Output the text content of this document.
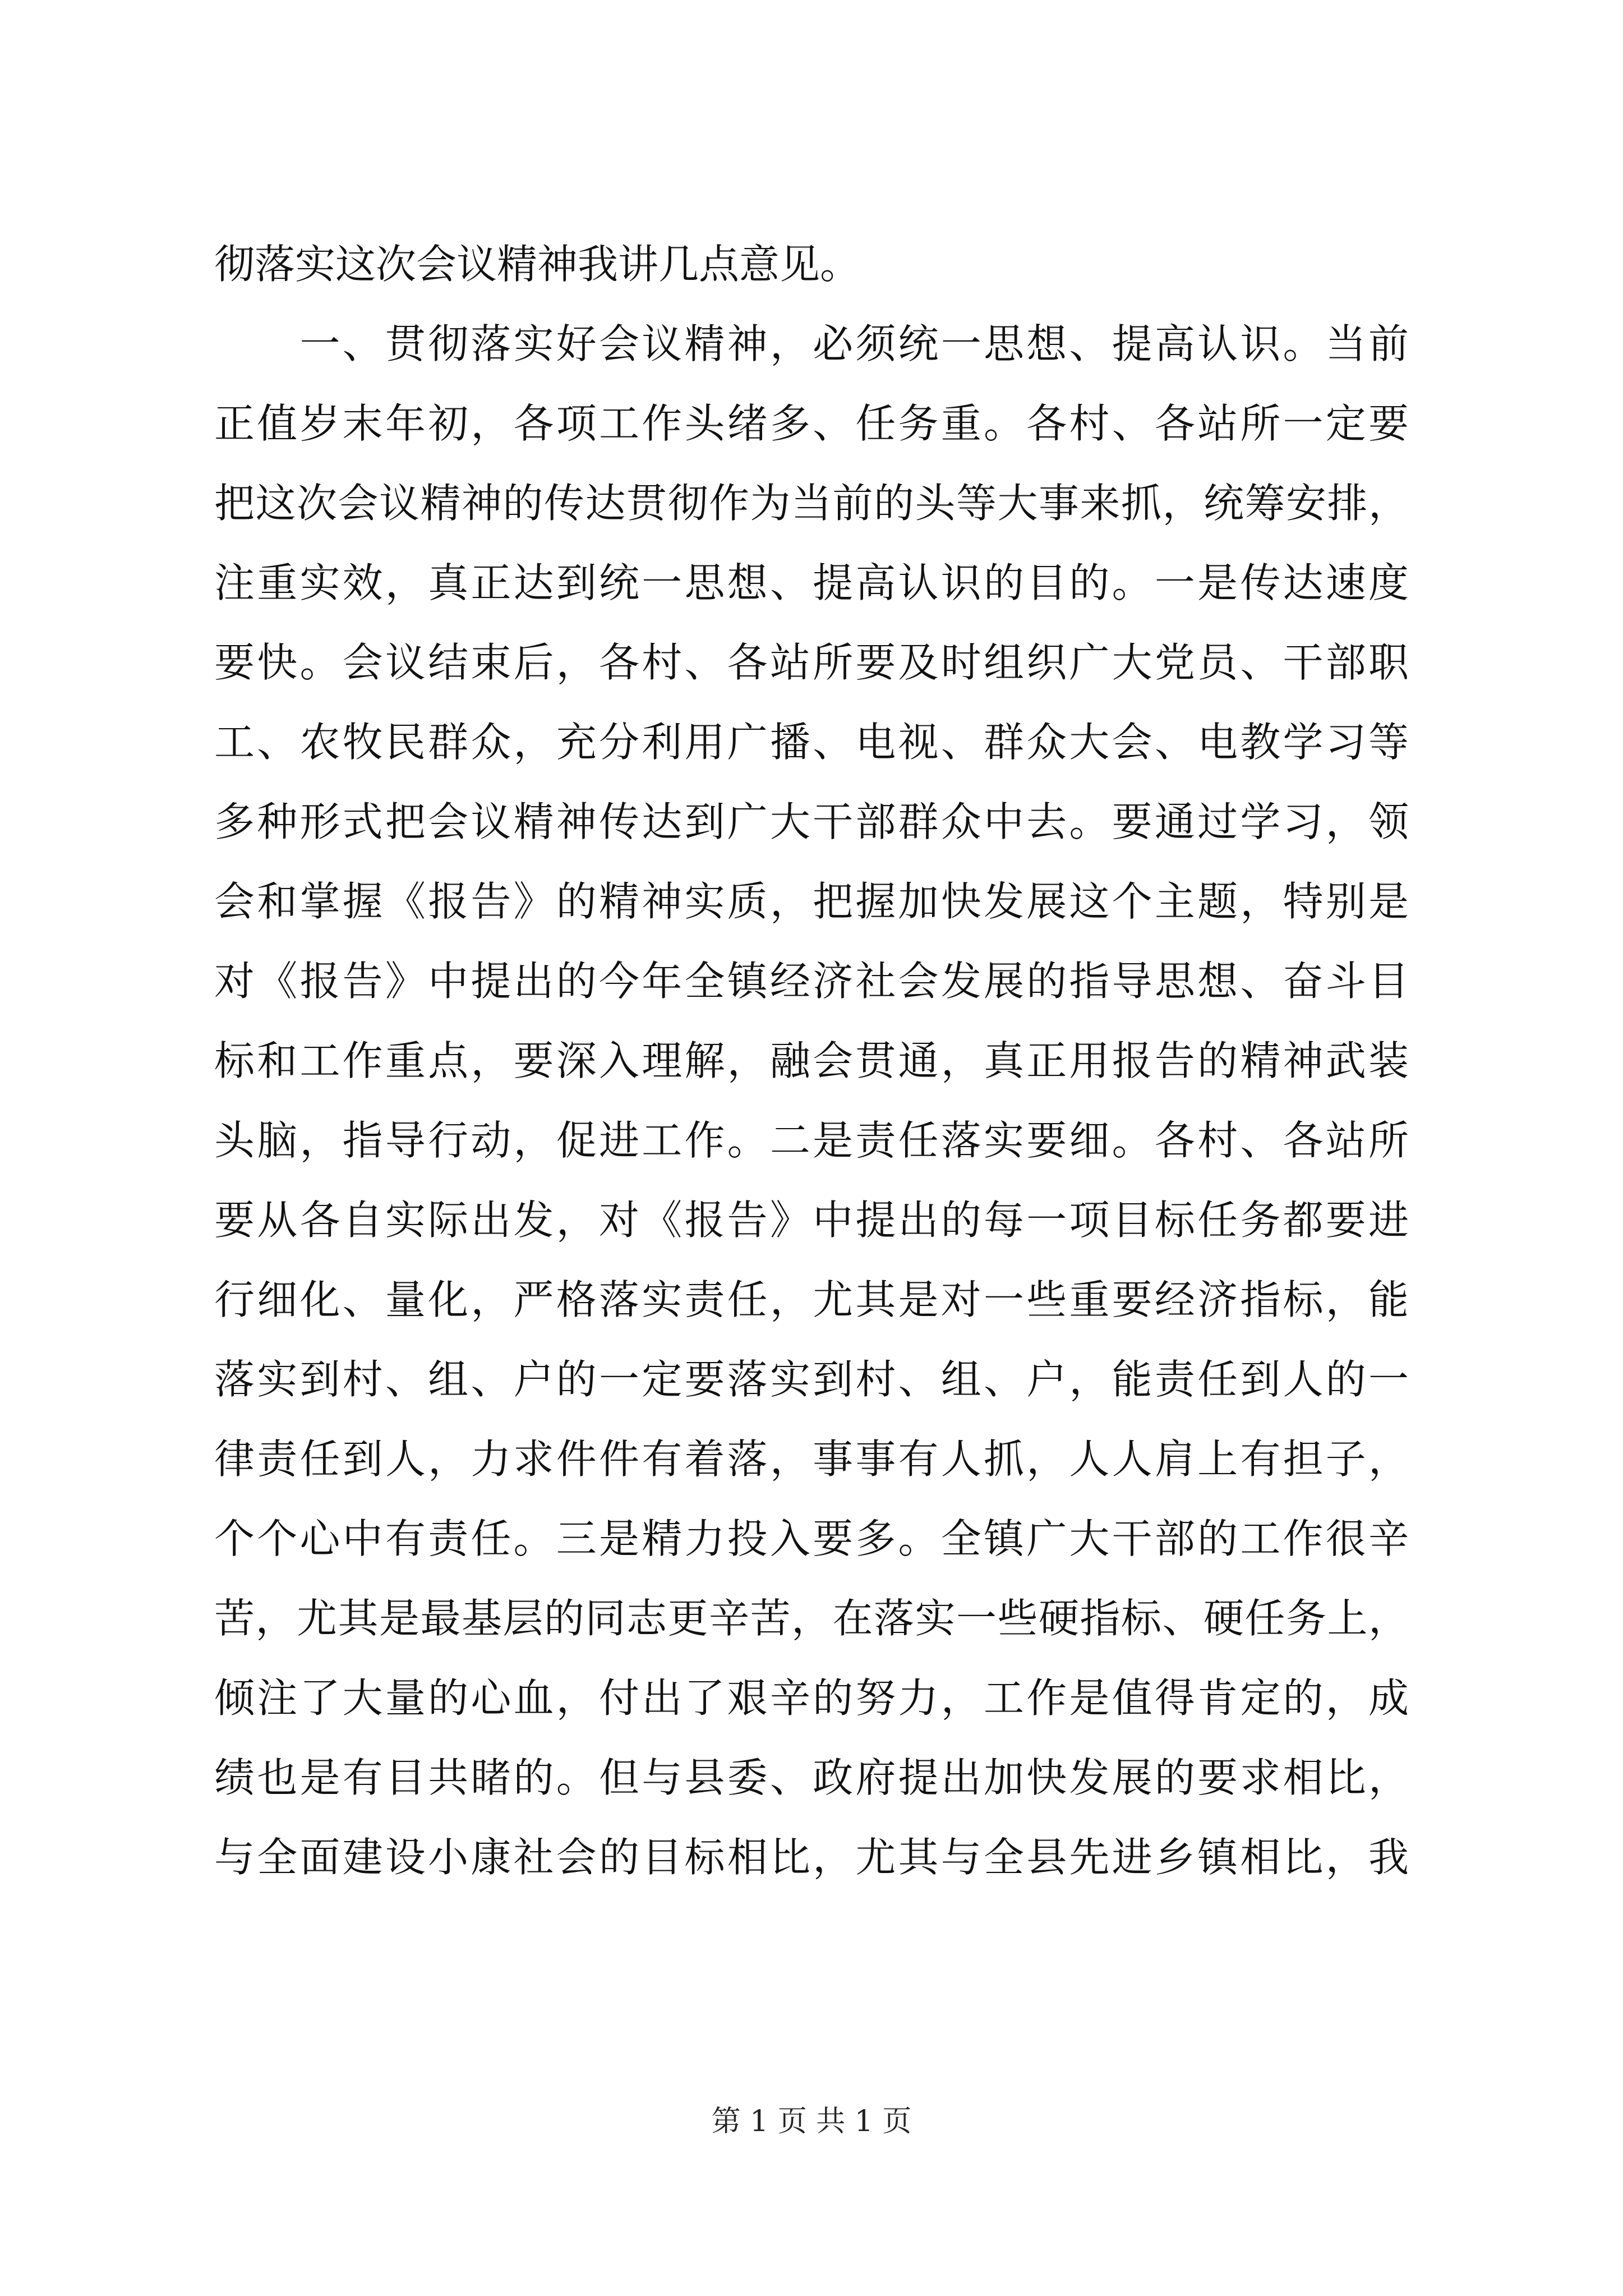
彻落实这次会议精神我讲几点意见。
　　一、贯彻落实好会议精神，必须统一思想、提高认识。当前
正值岁末年初，各项工作头绪多、任务重。各村、各站所一定要
把这次会议精神的传达贯彻作为当前的头等大事来抓，统筹安排，
注重实效，真正达到统一思想、提高认识的目的。一是传达速度
要快。会议结束后，各村、各站所要及时组织广大党员、干部职
工、农牧民群众，充分利用广播、电视、群众大会、电教学习等
多种形式把会议精神传达到广大干部群众中去。要通过学习，领
会和掌握《报告》的精神实质，把握加快发展这个主题，特别是
对《报告》中提出的今年全镇经济社会发展的指导思想、奋斗目
标和工作重点，要深入理解，融会贯通，真正用报告的精神武装
头脑，指导行动，促进工作。二是责任落实要细。各村、各站所
要从各自实际出发，对《报告》中提出的每一项目标任务都要进
行细化、量化，严格落实责任，尤其是对一些重要经济指标，能
落实到村、组、户的一定要落实到村、组、户，能责任到人的一
律责任到人，力求件件有着落，事事有人抓，人人肩上有担子，
个个心中有责任。三是精力投入要多。全镇广大干部的工作很辛
苦，尤其是最基层的同志更辛苦，在落实一些硬指标、硬任务上，
倾注了大量的心血，付出了艰辛的努力，工作是值得肯定的，成
绩也是有目共睹的。但与县委、政府提出加快发展的要求相比，
与全面建设小康社会的目标相比，尤其与全县先进乡镇相比，我
第 1 页 共 1 页
